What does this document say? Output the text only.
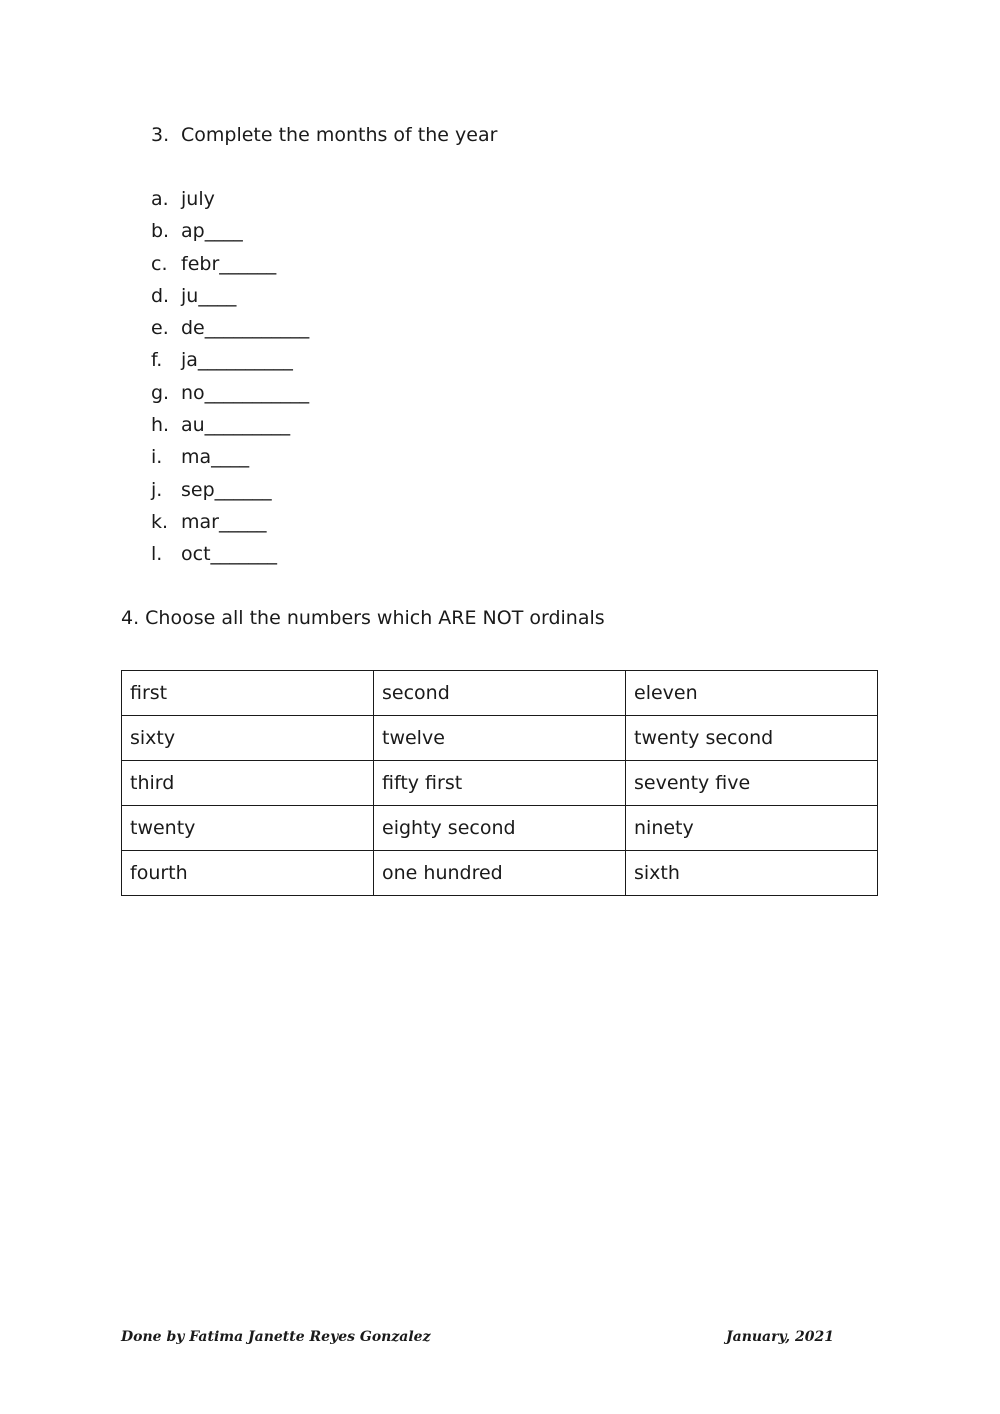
3. Complete the months of the year
a. july
b. ap____
c. febr______
d. ju____
e. de___________
f. ja__________
g. no___________
h. au_________
i. ma____
j. sep______
k. mar_____
l. oct_______
4. Choose all the numbers which ARE NOT ordinals
first	second	eleven
sixty	twelve	twenty second
third	fifty first	seventy five
twenty	eighty second	ninety
fourth	one hundred	sixth
Done by Fatima Janette Reyes Gonzalez	January, 2021
